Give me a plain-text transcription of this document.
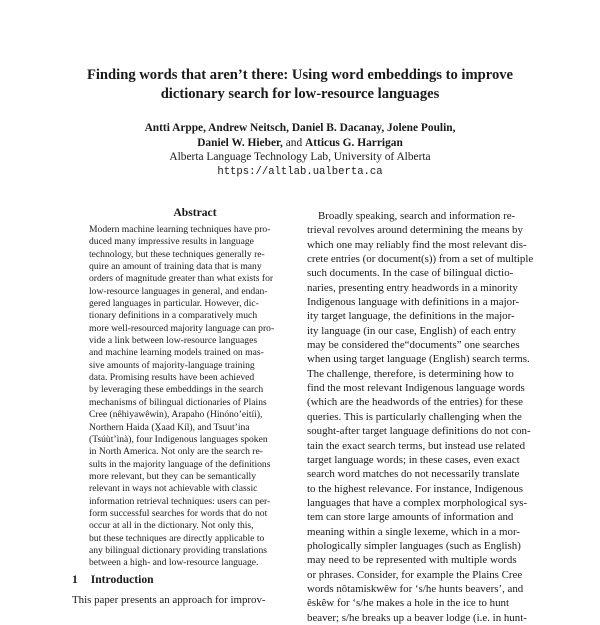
Finding words that aren’t there: Using word embeddings to improve
dictionary search for low-resource languages
Antti Arppe, Andrew Neitsch, Daniel B. Dacanay, Jolene Poulin,
Daniel W. Hieber, and Atticus G. Harrigan
Alberta Language Technology Lab, University of Alberta
https://altlab.ualberta.ca
Abstract
Modern machine learning techniques have pro-
duced many impressive results in language
technology, but these techniques generally re-
quire an amount of training data that is many
orders of magnitude greater than what exists for
low-resource languages in general, and endan-
gered languages in particular. However, dic-
tionary definitions in a comparatively much
more well-resourced majority language can pro-
vide a link between low-resource languages
and machine learning models trained on mas-
sive amounts of majority-language training
data. Promising results have been achieved
by leveraging these embeddings in the search
mechanisms of bilingual dictionaries of Plains
Cree (nêhiyawêwin), Arapaho (Hinóno’eitíi),
Northern Haida (X̱aad Kíl), and Tsuut’ina
(Tsúùt’ìnà), four Indigenous languages spoken
in North America. Not only are the search re-
sults in the majority language of the definitions
more relevant, but they can be semantically
relevant in ways not achievable with classic
information retrieval techniques: users can per-
form successful searches for words that do not
occur at all in the dictionary. Not only this,
but these techniques are directly applicable to
any bilingual dictionary providing translations
between a high- and low-resource language.
1 Introduction
This paper presents an approach for improv-
Broadly speaking, search and information re-
trieval revolves around determining the means by
which one may reliably find the most relevant dis-
crete entries (or document(s)) from a set of multiple
such documents. In the case of bilingual dictio-
naries, presenting entry headwords in a minority
Indigenous language with definitions in a major-
ity target language, the definitions in the major-
ity language (in our case, English) of each entry
may be considered the“documents” one searches
when using target language (English) search terms.
The challenge, therefore, is determining how to
find the most relevant Indigenous language words
(which are the headwords of the entries) for these
queries. This is particularly challenging when the
sought-after target language definitions do not con-
tain the exact search terms, but instead use related
target language words; in these cases, even exact
search word matches do not necessarily translate
to the highest relevance. For instance, Indigenous
languages that have a complex morphological sys-
tem can store large amounts of information and
meaning within a single lexeme, which in a mor-
phologically simpler languages (such as English)
may need to be represented with multiple words
or phrases. Consider, for example the Plains Cree
words nôtamiskwêw for ‘s/he hunts beavers’, and
êskêw for ‘s/he makes a hole in the ice to hunt
beaver; s/he breaks up a beaver lodge (i.e. in hunt-
